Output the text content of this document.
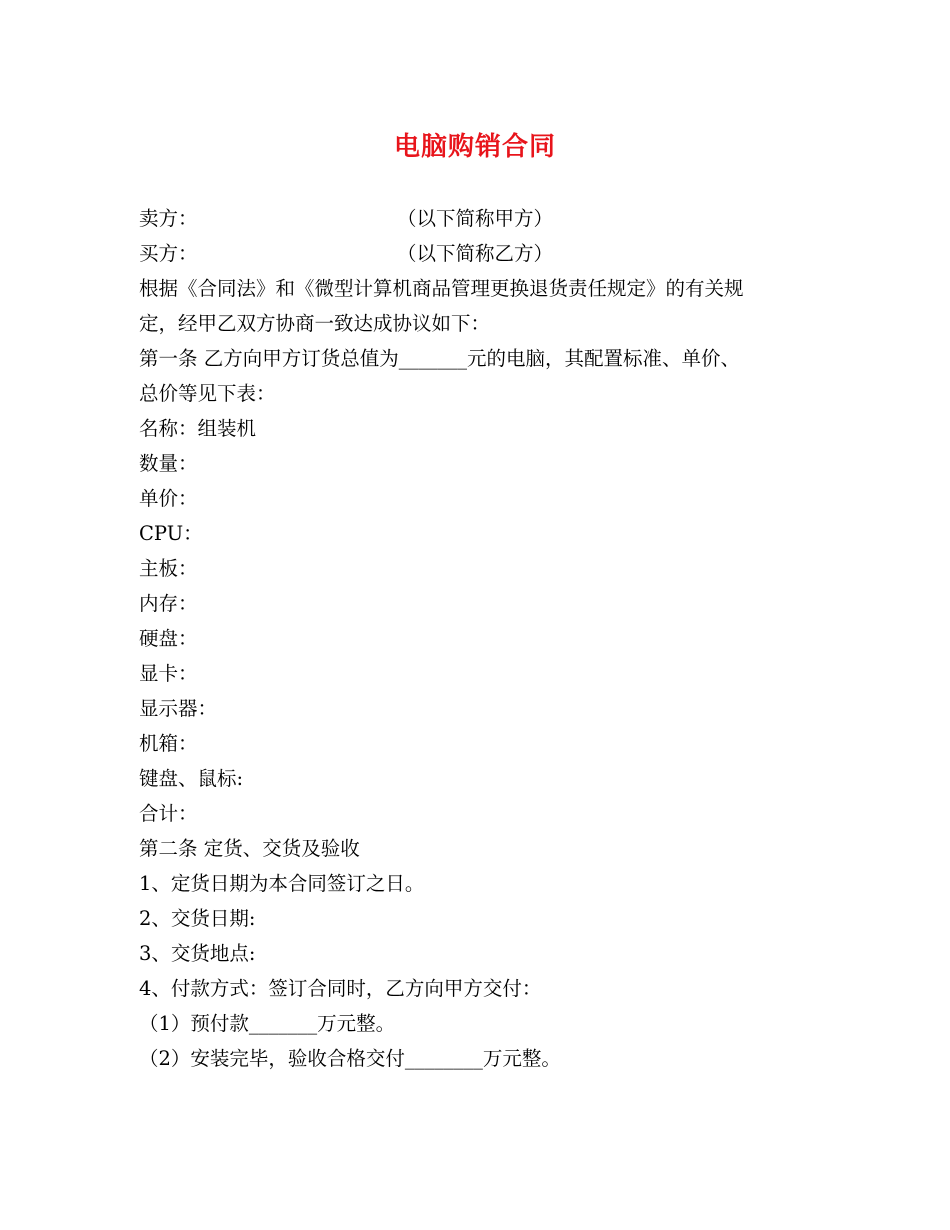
电脑购销合同
卖方：	（以下简称甲方）
买方：	（以下简称乙方）
根据《合同法》和《微型计算机商品管理更换退货责任规定》的有关规
定，经甲乙双方协商一致达成协议如下：
第一条 乙方向甲方订货总值为_______元的电脑，其配置标准、单价、
总价等见下表：
名称：组装机
数量：
单价：
CPU：
主板：
内存：
硬盘：
显卡：
显示器：
机箱：
键盘、鼠标:
合计：
第二条 定货、交货及验收
1、定货日期为本合同签订之日。
2、交货日期:
3、交货地点:
4、付款方式：签订合同时，乙方向甲方交付：
（1）预付款_______万元整。
（2）安装完毕，验收合格交付________万元整。
